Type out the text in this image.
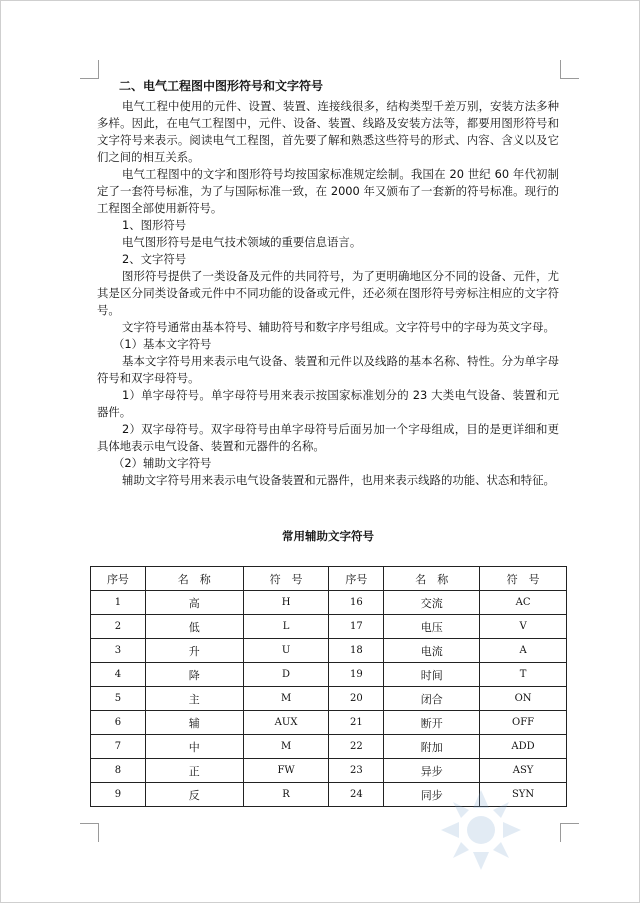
二、电气工程图中图形符号和文字符号

电气工程中使用的元件、设置、装置、连接线很多，结构类型千差万别，安装方法多种多样。因此，在电气工程图中，元件、设备、装置、线路及安装方法等，都要用图形符号和文字符号来表示。阅读电气工程图，首先要了解和熟悉这些符号的形式、内容、含义以及它们之间的相互关系。

电气工程图中的文字和图形符号均按国家标准规定绘制。我国在 20 世纪 60 年代初制定了一套符号标准，为了与国际标准一致，在 2000 年又颁布了一套新的符号标准。现行的工程图全部使用新符号。

1、图形符号

电气图形符号是电气技术领域的重要信息语言。

2、文字符号

图形符号提供了一类设备及元件的共同符号，为了更明确地区分不同的设备、元件，尤其是区分同类设备或元件中不同功能的设备或元件，还必须在图形符号旁标注相应的文字符号。

文字符号通常由基本符号、辅助符号和数字序号组成。文字符号中的字母为英文字母。

（1）基本文字符号

基本文字符号用来表示电气设备、装置和元件以及线路的基本名称、特性。分为单字母符号和双字母符号。

1）单字母符号。单字母符号用来表示按国家标准划分的 23 大类电气设备、装置和元器件。

2）双字母符号。双字母符号由单字母符号后面另加一个字母组成，目的是更详细和更具体地表示电气设备、装置和元器件的名称。

（2）辅助文字符号

辅助文字符号用来表示电气设备装置和元器件，也用来表示线路的功能、状态和特征。

常用辅助文字符号
序号	名　称	符　号	序号	名　称	符　号
1	高	H	16	交流	AC
2	低	L	17	电压	V
3	升	U	18	电流	A
4	降	D	19	时间	T
5	主	M	20	闭合	ON
6	辅	AUX	21	断开	OFF
7	中	M	22	附加	ADD
8	正	FW	23	异步	ASY
9	反	R	24	同步	SYN
